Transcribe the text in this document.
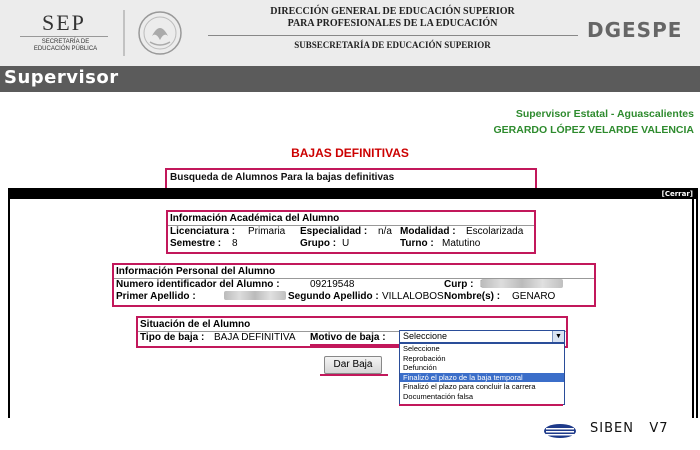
SEP
SECRETARÍA DE
EDUCACIÓN PÚBLICA
DIRECCIÓN GENERAL DE EDUCACIÓN SUPERIOR
PARA PROFESIONALES DE LA EDUCACIÓN
SUBSECRETARÍA DE EDUCACIÓN SUPERIOR
DGESPE
Supervisor
Supervisor Estatal - Aguascalientes
GERARDO LÓPEZ VELARDE VALENCIA
BAJAS DEFINITIVAS
Busqueda de Alumnos Para la bajas definitivas
[Cerrar]
Información Académica del Alumno
Licenciatura : Primaria Especialidad : n/a Modalidad : Escolarizada
Semestre : 8	Grupo : U	Turno : Matutino
Información Personal del Alumno
Numero identificador del Alumno :	09219548	Curp :
Primer Apellido :	Segundo Apellido : VILLALOBOS Nombre(s) : GENARO
Situación de el Alumno
Tipo de baja : BAJA DEFINITIVA Motivo de baja : Seleccione	▼
Seleccione
Reprobación
Defunción
Finalizó el plazo de la baja temporal
Finalizó el plazo para concluir la carrera
Documentación falsa
Dar Baja
SIBEN   V7
